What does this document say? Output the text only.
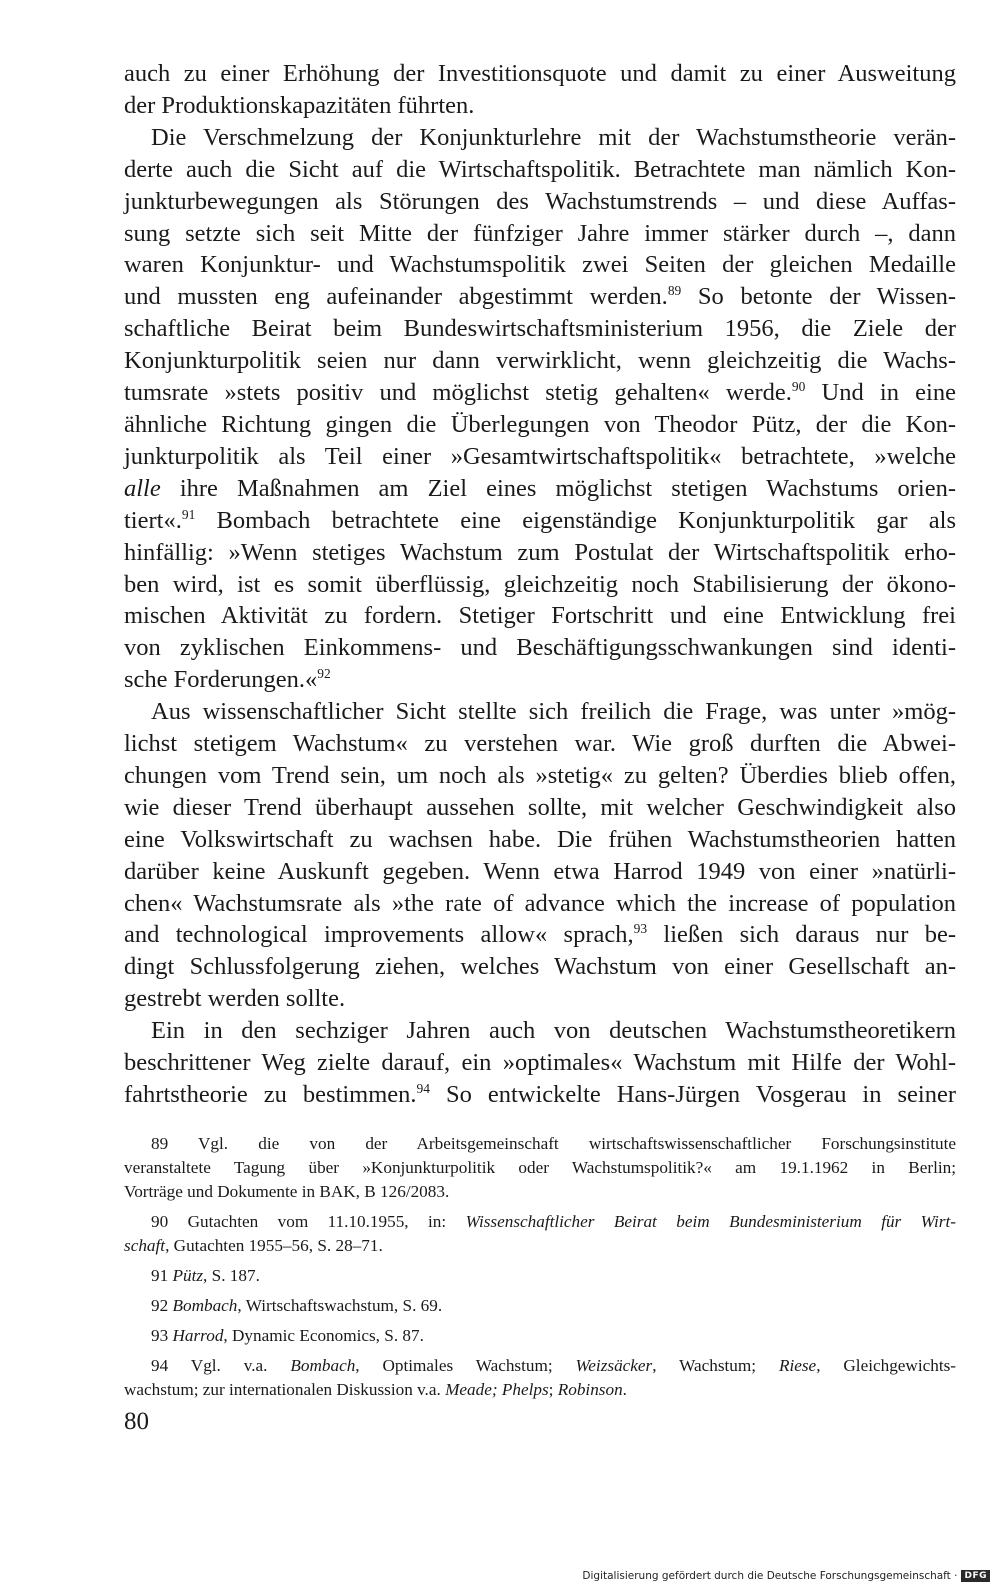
auch zu einer Erhöhung der Investitionsquote und damit zu einer Ausweitung
der Produktionskapazitäten führten.

Die Verschmelzung der Konjunkturlehre mit der Wachstumstheorie verän-
derte auch die Sicht auf die Wirtschaftspolitik. Betrachtete man nämlich Kon-
junkturbewegungen als Störungen des Wachstumstrends – und diese Auffas-
sung setzte sich seit Mitte der fünfziger Jahre immer stärker durch –, dann
waren Konjunktur- und Wachstumspolitik zwei Seiten der gleichen Medaille
und mussten eng aufeinander abgestimmt werden.$^{89}$ So betonte der Wissen-
schaftliche Beirat beim Bundeswirtschaftsministerium 1956, die Ziele der
Konjunkturpolitik seien nur dann verwirklicht, wenn gleichzeitig die Wachs-
tumsrate »stets positiv und möglichst stetig gehalten« werde.$^{90}$ Und in eine
ähnliche Richtung gingen die Überlegungen von Theodor Pütz, der die Kon-
junkturpolitik als Teil einer »Gesamtwirtschaftspolitik« betrachtete, »welche
alle ihre Maßnahmen am Ziel eines möglichst stetigen Wachstums orien-
tiert«.$^{91}$ Bombach betrachtete eine eigenständige Konjunkturpolitik gar als
hinfällig: »Wenn stetiges Wachstum zum Postulat der Wirtschaftspolitik erho-
ben wird, ist es somit überflüssig, gleichzeitig noch Stabilisierung der ökono-
mischen Aktivität zu fordern. Stetiger Fortschritt und eine Entwicklung frei
von zyklischen Einkommens- und Beschäftigungsschwankungen sind identi-
sche Forderungen.«$^{92}$

Aus wissenschaftlicher Sicht stellte sich freilich die Frage, was unter »mög-
lichst stetigem Wachstum« zu verstehen war. Wie groß durften die Abwei-
chungen vom Trend sein, um noch als »stetig« zu gelten? Überdies blieb offen,
wie dieser Trend überhaupt aussehen sollte, mit welcher Geschwindigkeit also
eine Volkswirtschaft zu wachsen habe. Die frühen Wachstumstheorien hatten
darüber keine Auskunft gegeben. Wenn etwa Harrod 1949 von einer »natürli-
chen« Wachstumsrate als »the rate of advance which the increase of population
and technological improvements allow« sprach,$^{93}$ ließen sich daraus nur be-
dingt Schlussfolgerung ziehen, welches Wachstum von einer Gesellschaft an-
gestrebt werden sollte.

Ein in den sechziger Jahren auch von deutschen Wachstumstheoretikern
beschrittener Weg zielte darauf, ein »optimales« Wachstum mit Hilfe der Wohl-
fahrtstheorie zu bestimmen.$^{94}$ So entwickelte Hans-Jürgen Vosgerau in seiner

89 Vgl. die von der Arbeitsgemeinschaft wirtschaftswissenschaftlicher Forschungsinstitute
veranstaltete Tagung über »Konjunkturpolitik oder Wachstumspolitik?« am 19.1.1962 in Berlin;
Vorträge und Dokumente in BAK, B 126/2083.
90 Gutachten vom 11.10.1955, in: Wissenschaftlicher Beirat beim Bundesministerium für Wirt-
schaft, Gutachten 1955–56, S. 28–71.
91 Pütz, S. 187.
92 Bombach, Wirtschaftswachstum, S. 69.
93 Harrod, Dynamic Economics, S. 87.
94 Vgl. v.a. Bombach, Optimales Wachstum; Weizsäcker, Wachstum; Riese, Gleichgewichts-
wachstum; zur internationalen Diskussion v.a. Meade; Phelps; Robinson.
80
Digitalisierung gefördert durch die Deutsche Forschungsgemeinschaft · DFG
